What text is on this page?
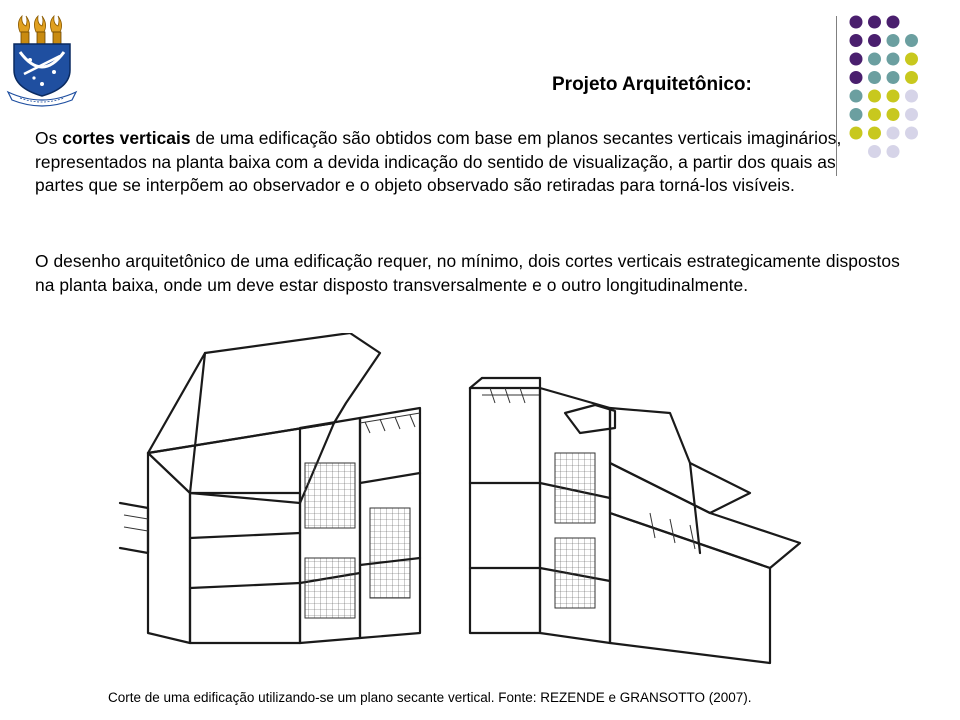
Projeto Arquitetônico:

Os cortes verticais de uma edificação são obtidos com base em planos secantes verticais imaginários, representados na planta baixa com a devida indicação do sentido de visualização, a partir dos quais as partes que se interpõem ao observador e o objeto observado são retiradas para torná-los visíveis.

O desenho arquitetônico de uma edificação requer, no mínimo, dois cortes verticais estrategicamente dispostos na planta baixa, onde um deve estar disposto transversalmente e o outro longitudinalmente.

Corte de uma edificação utilizando-se um plano secante vertical. Fonte: REZENDE e GRANSOTTO (2007).
